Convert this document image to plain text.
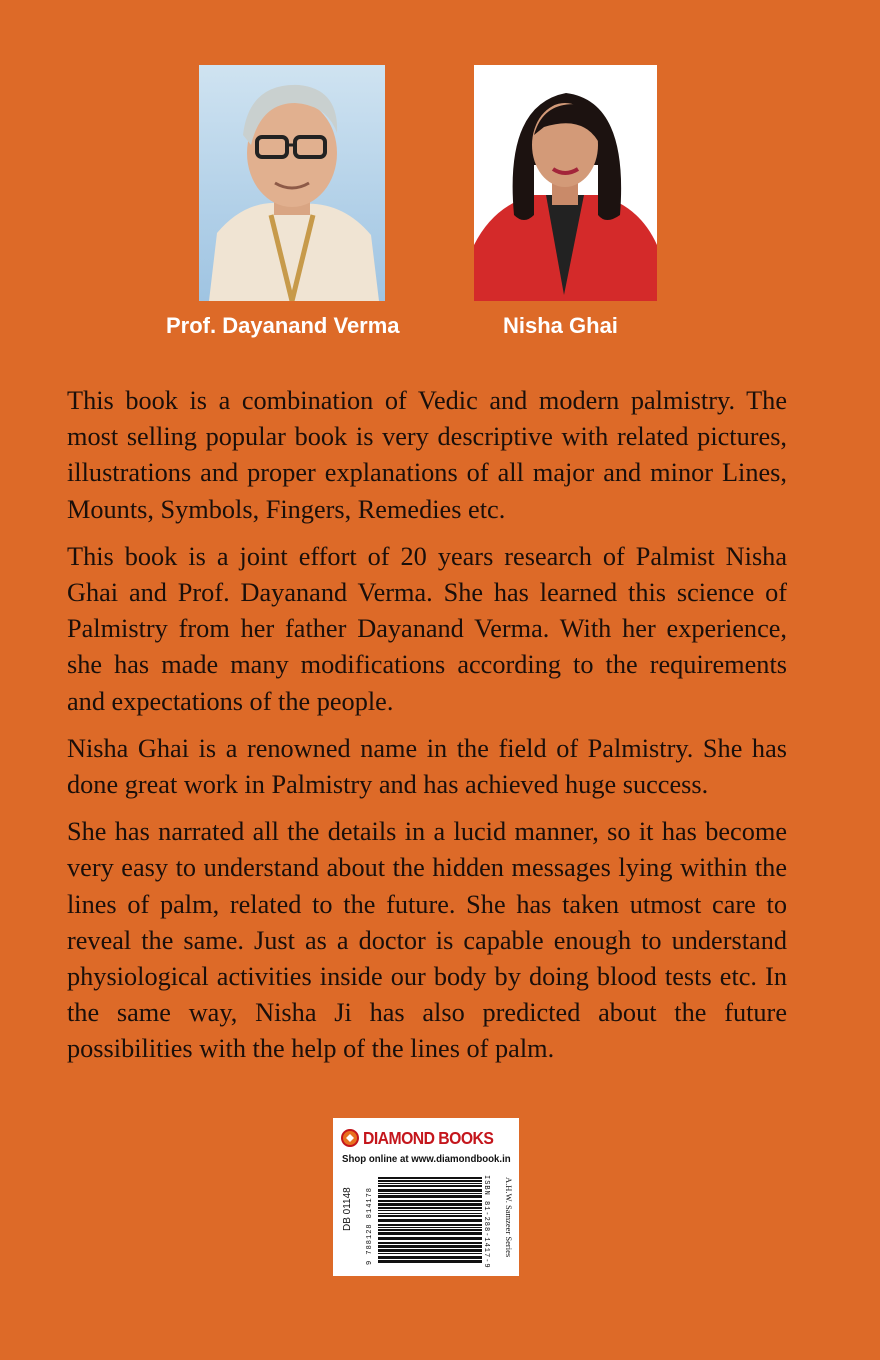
Prof. Dayanand Verma	Nisha Ghai

This book is a combination of Vedic and modern palmistry. The most selling popular book is very descriptive with related pictures, illustrations and proper explanations of all major and minor Lines, Mounts, Symbols, Fingers, Remedies etc.

This book is a joint effort of 20 years research of Palmist Nisha Ghai and Prof. Dayanand Verma. She has learned this science of Palmistry from her father Dayanand Verma. With her experience, she has made many modifications according to the requirements and expectations of the people.

Nisha Ghai is a renowned name in the field of Palmistry. She has done great work in Palmistry and has achieved huge success.

She has narrated all the details in a lucid manner, so it has become very easy to understand about the hidden messages lying within the lines of palm, related to the future. She has taken utmost care to reveal the same. Just as a doctor is capable enough to understand physiological activities inside our body by doing blood tests etc. In the same way, Nisha Ji has also predicted about the future possibilities with the help of the lines of palm.

DIAMOND BOOKS
Shop online at www.diamondbook.in
DB 01148	ISBN 81-288-1417-9
9 788128 814178	A.H.W. Samzeer Series
